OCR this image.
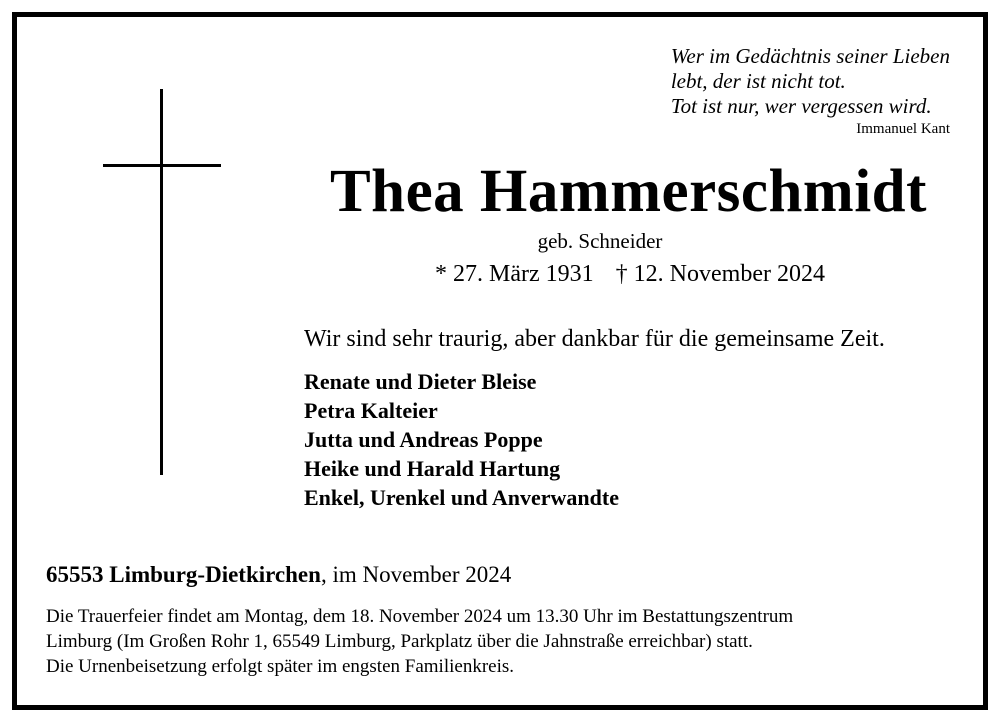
Wer im Gedächtnis seiner Lieben
lebt, der ist nicht tot.
Tot ist nur, wer vergessen wird.
Immanuel Kant
Thea Hammerschmidt
geb. Schneider
* 27. März 1931 † 12. November 2024
Wir sind sehr traurig, aber dankbar für die gemeinsame Zeit.
Renate und Dieter Bleise
Petra Kalteier
Jutta und Andreas Poppe
Heike und Harald Hartung
Enkel, Urenkel und Anverwandte
65553 Limburg-Dietkirchen, im November 2024
Die Trauerfeier findet am Montag, dem 18. November 2024 um 13.30 Uhr im Bestattungszentrum
Limburg (Im Großen Rohr 1, 65549 Limburg, Parkplatz über die Jahnstraße erreichbar) statt.
Die Urnenbeisetzung erfolgt später im engsten Familienkreis.
